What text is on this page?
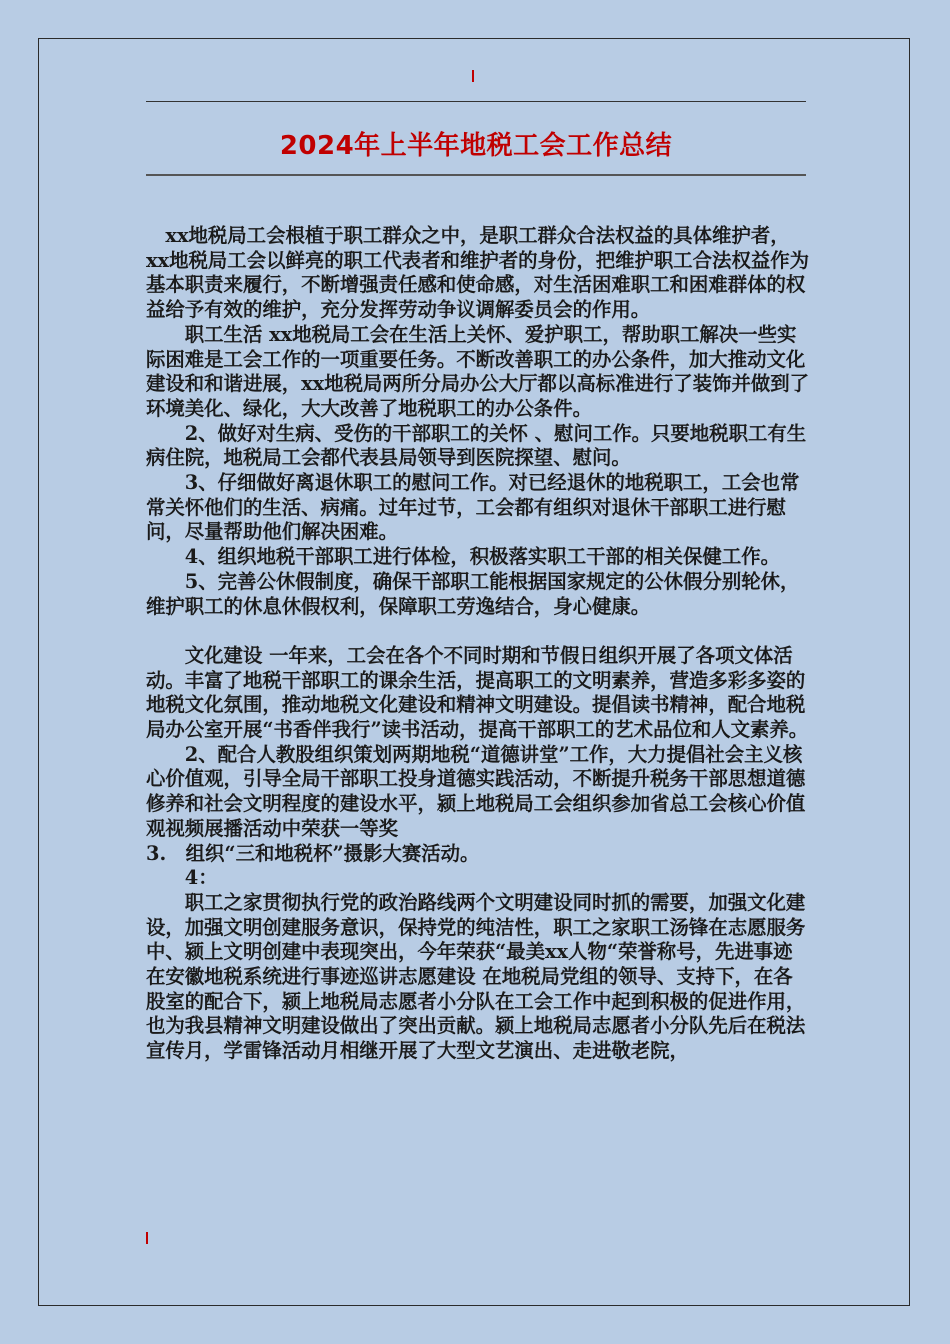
2024年上半年地税工会工作总结

　xx地税局工会根植于职工群众之中，是职工群众合法权益的具体维护者，xx地税局工会以鲜亮的职工代表者和维护者的身份，把维护职工合法权益作为基本职责来履行，不断增强责任感和使命感，对生活困难职工和困难群体的权益给予有效的维护，充分发挥劳动争议调解委员会的作用。

　　职工生活 xx地税局工会在生活上关怀、爱护职工，帮助职工解决一些实际困难是工会工作的一项重要任务。不断改善职工的办公条件，加大推动文化建设和和谐进展，xx地税局两所分局办公大厅都以高标准进行了装饰并做到了环境美化、绿化，大大改善了地税职工的办公条件。

　　2、做好对生病、受伤的干部职工的关怀 、慰问工作。只要地税职工有生病住院，地税局工会都代表县局领导到医院探望、慰问。

　　3、仔细做好离退休职工的慰问工作。对已经退休的地税职工，工会也常常关怀他们的生活、病痛。过年过节，工会都有组织对退休干部职工进行慰问，尽量帮助他们解决困难。

　　4、组织地税干部职工进行体检，积极落实职工干部的相关保健工作。

　　5、完善公休假制度，确保干部职工能根据国家规定的公休假分别轮休，维护职工的休息休假权利，保障职工劳逸结合，身心健康。

　　文化建设 一年来，工会在各个不同时期和节假日组织开展了各项文体活动。丰富了地税干部职工的课余生活，提高职工的文明素养，营造多彩多姿的地税文化氛围，推动地税文化建设和精神文明建设。提倡读书精神，配合地税局办公室开展“书香伴我行”读书活动，提高干部职工的艺术品位和人文素养。

　　2、配合人教股组织策划两期地税“道德讲堂”工作，大力提倡社会主义核心价值观，引导全局干部职工投身道德实践活动，不断提升税务干部思想道德修养和社会文明程度的建设水平，颍上地税局工会组织参加省总工会核心价值观视频展播活动中荣获一等奖

3.　组织“三和地税杯”摄影大赛活动。

　　4：

　　职工之家贯彻执行党的政治路线两个文明建设同时抓的需要，加强文化建设，加强文明创建服务意识，保持党的纯洁性，职工之家职工汤锋在志愿服务中、颍上文明创建中表现突出，今年荣获“最美xx人物“荣誉称号，先进事迹在安徽地税系统进行事迹巡讲志愿建设 在地税局党组的领导、支持下，在各股室的配合下，颍上地税局志愿者小分队在工会工作中起到积极的促进作用，也为我县精神文明建设做出了突出贡献。颍上地税局志愿者小分队先后在税法宣传月，学雷锋活动月相继开展了大型文艺演出、走进敬老院，
